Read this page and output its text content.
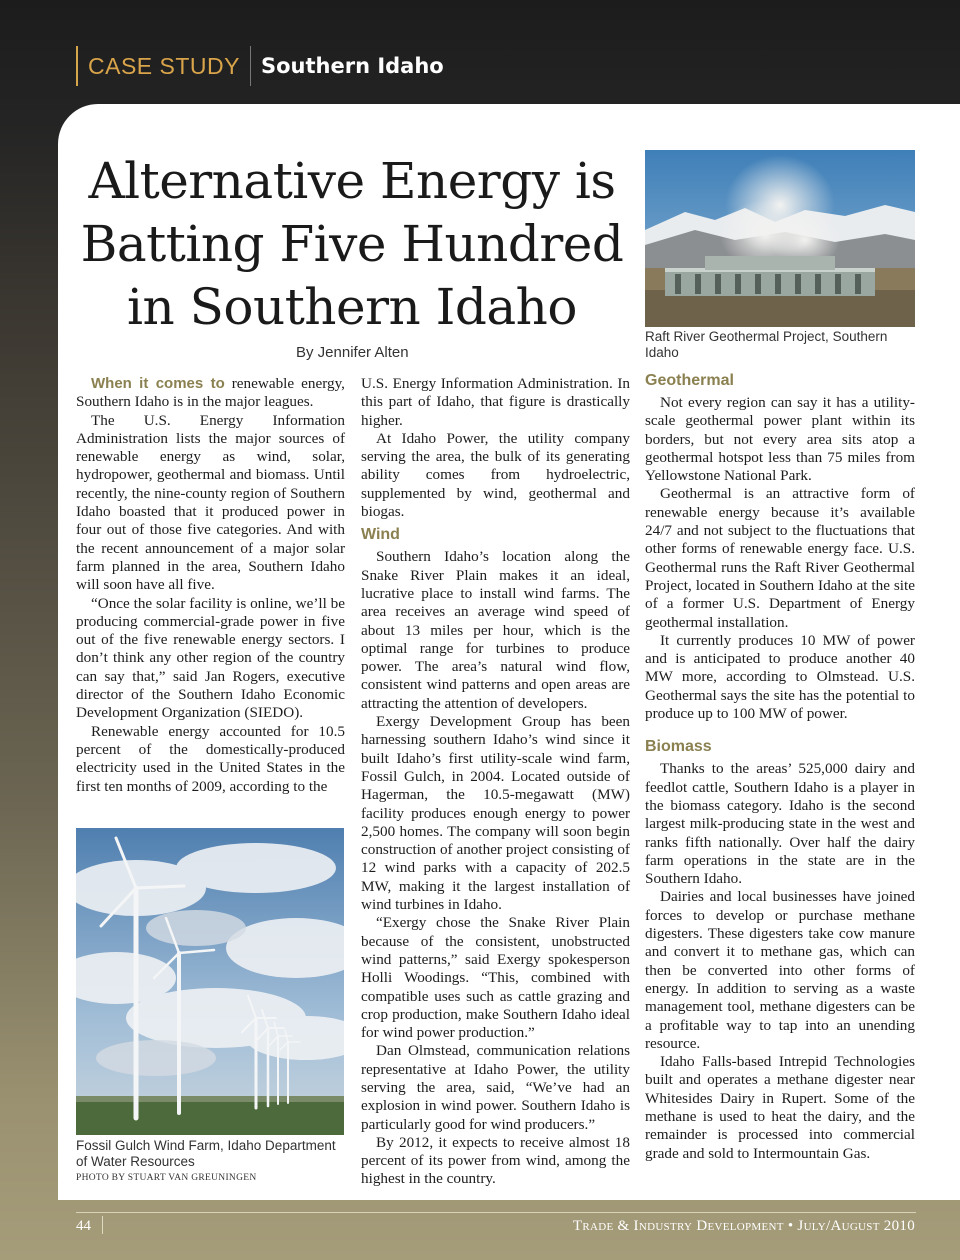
CASE STUDY Southern Idaho
Alternative Energy is Batting Five Hundred in Southern Idaho
By Jennifer Alten
Raft River Geothermal Project, Southern Idaho

When it comes to renewable energy, Southern Idaho is in the major leagues.

The U.S. Energy Information Administration lists the major sources of renewable energy as wind, solar, hydropower, geothermal and biomass. Until recently, the nine-county region of Southern Idaho boasted that it produced power in four out of those five categories. And with the recent announcement of a major solar farm planned in the area, Southern Idaho will soon have all five.

“Once the solar facility is online, we’ll be producing commercial-grade power in five out of the five renewable energy sectors. I don’t think any other region of the country can say that,” said Jan Rogers, executive director of the Southern Idaho Economic Development Organization (SIEDO).

Renewable energy accounted for 10.5 percent of the domestically-produced electricity used in the United States in the first ten months of 2009, according to the

Fossil Gulch Wind Farm, Idaho Department of Water Resources
PHOTO BY STUART VAN GREUNINGEN

U.S. Energy Information Administration. In this part of Idaho, that figure is drastically higher.

At Idaho Power, the utility company serving the area, the bulk of its generating ability comes from hydroelectric, supplemented by wind, geothermal and biogas.

Wind

Southern Idaho’s location along the Snake River Plain makes it an ideal, lucrative place to install wind farms. The area receives an average wind speed of about 13 miles per hour, which is the optimal range for turbines to produce power. The area’s natural wind flow, consistent wind patterns and open areas are attracting the attention of developers.

Exergy Development Group has been harnessing southern Idaho’s wind since it built Idaho’s first utility-scale wind farm, Fossil Gulch, in 2004. Located outside of Hagerman, the 10.5-megawatt (MW) facility produces enough energy to power 2,500 homes. The company will soon begin construction of another project consisting of 12 wind parks with a capacity of 202.5 MW, making it the largest installation of wind turbines in Idaho.

“Exergy chose the Snake River Plain because of the consistent, unobstructed wind patterns,” said Exergy spokesperson Holli Woodings. “This, combined with compatible uses such as cattle grazing and crop production, make Southern Idaho ideal for wind power production.”

Dan Olmstead, communication relations representative at Idaho Power, the utility serving the area, said, “We’ve had an explosion in wind power. Southern Idaho is particularly good for wind producers.”

By 2012, it expects to receive almost 18 percent of its power from wind, among the highest in the country.

Geothermal

Not every region can say it has a utility-scale geothermal power plant within its borders, but not every area sits atop a geothermal hotspot less than 75 miles from Yellowstone National Park.

Geothermal is an attractive form of renewable energy because it’s available 24/7 and not subject to the fluctuations that other forms of renewable energy face. U.S. Geothermal runs the Raft River Geothermal Project, located in Southern Idaho at the site of a former U.S. Department of Energy geothermal installation.

It currently produces 10 MW of power and is anticipated to produce another 40 MW more, according to Olmstead. U.S. Geothermal says the site has the potential to produce up to 100 MW of power.

Biomass

Thanks to the areas’ 525,000 dairy and feedlot cattle, Southern Idaho is a player in the biomass category. Idaho is the second largest milk-producing state in the west and ranks fifth nationally. Over half the dairy farm operations in the state are in the Southern Idaho.

Dairies and local businesses have joined forces to develop or purchase methane digesters. These digesters take cow manure and convert it to methane gas, which can then be converted into other forms of energy. In addition to serving as a waste management tool, methane digesters can be a profitable way to tap into an unending resource.

Idaho Falls-based Intrepid Technologies built and operates a methane digester near Whitesides Dairy in Rupert. Some of the methane is used to heat the dairy, and the remainder is processed into commercial grade and sold to Intermountain Gas.

44	Trade & Industry Development • July/August 2010
